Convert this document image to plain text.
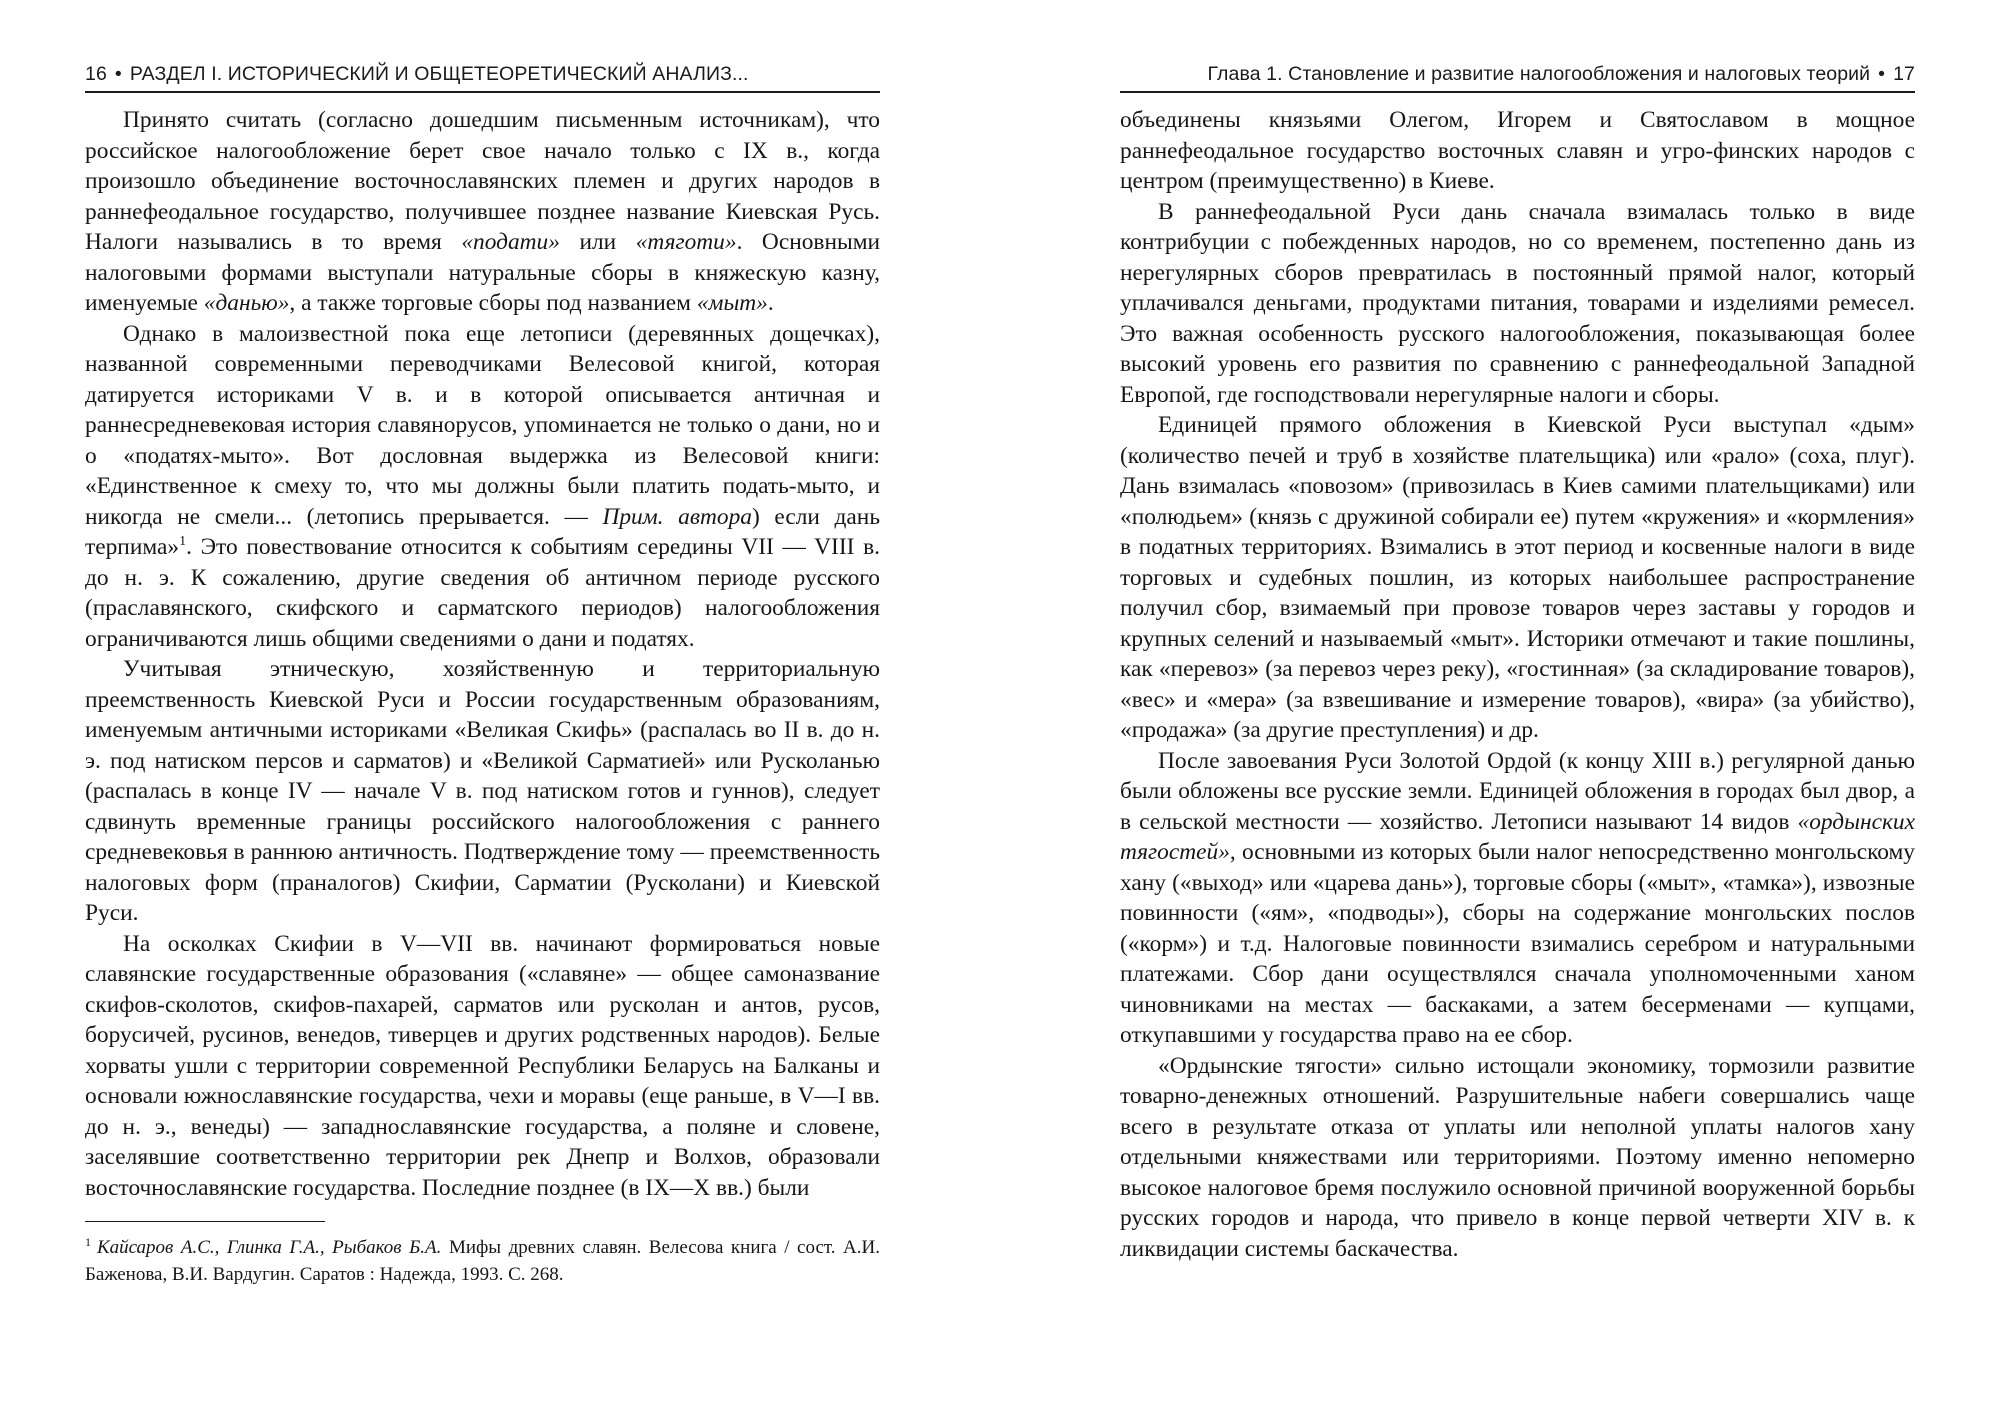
16 • РАЗДЕЛ I. ИСТОРИЧЕСКИЙ И ОБЩЕТЕОРЕТИЧЕСКИЙ АНАЛИЗ...

Принято считать (согласно дошедшим письменным источникам), что российское налогообложение берет свое начало только с IX в., когда произошло объединение восточнославянских племен и других народов в раннефеодальное государство, получившее позднее название Киевская Русь. Налоги назывались в то время «подати» или «тяготи». Основными налоговыми формами выступали натуральные сборы в княжескую казну, именуемые «данью», а также торговые сборы под названием «мыт».

Однако в малоизвестной пока еще летописи (деревянных дощечках), названной современными переводчиками Велесовой книгой, которая датируется историками V в. и в которой описывается античная и раннесредневековая история славянорусов, упоминается не только о дани, но и о «податях-мыто». Вот дословная выдержка из Велесовой книги: «Единственное к смеху то, что мы должны были платить подать-мыто, и никогда не смели... (летопись прерывается. — Прим. автора) если дань терпима»$^1$. Это повествование относится к событиям середины VII — VIII в. до н. э. К сожалению, другие сведения об античном периоде русского (праславянского, скифского и сарматского периодов) налогообложения ограничиваются лишь общими сведениями о дани и податях.

Учитывая этническую, хозяйственную и территориальную преемственность Киевской Руси и России государственным образованиям, именуемым античными историками «Великая Скифь» (распалась во II в. до н. э. под натиском персов и сарматов) и «Великой Сарматией» или Русколанью (распалась в конце IV — начале V в. под натиском готов и гуннов), следует сдвинуть временные границы российского налогообложения с раннего средневековья в раннюю античность. Подтверждение тому — преемственность налоговых форм (праналогов) Скифии, Сарматии (Русколани) и Киевской Руси.

На осколках Скифии в V—VII вв. начинают формироваться новые славянские государственные образования («славяне» — общее самоназвание скифов-сколотов, скифов-пахарей, сарматов или русколан и антов, русов, борусичей, русинов, венедов, тиверцев и других родственных народов). Белые хорваты ушли с территории современной Республики Беларусь на Балканы и основали южнославянские государства, чехи и моравы (еще раньше, в V—I вв. до н. э., венеды) — западнославянские государства, а поляне и словене, заселявшие соответственно территории рек Днепр и Волхов, образовали восточнославянские государства. Последние позднее (в IX—X вв.) были

$^1$ Кайсаров А.С., Глинка Г.А., Рыбаков Б.А. Мифы древних славян. Велесова книга / сост. А.И. Баженова, В.И. Вардугин. Саратов : Надежда, 1993. С. 268.
Глава 1. Становление и развитие налогообложения и налоговых теорий • 17

объединены князьями Олегом, Игорем и Святославом в мощное раннефеодальное государство восточных славян и угро-финских народов с центром (преимущественно) в Киеве.

В раннефеодальной Руси дань сначала взималась только в виде контрибуции с побежденных народов, но со временем, постепенно дань из нерегулярных сборов превратилась в постоянный прямой налог, который уплачивался деньгами, продуктами питания, товарами и изделиями ремесел. Это важная особенность русского налогообложения, показывающая более высокий уровень его развития по сравнению с раннефеодальной Западной Европой, где господствовали нерегулярные налоги и сборы.

Единицей прямого обложения в Киевской Руси выступал «дым» (количество печей и труб в хозяйстве плательщика) или «рало» (соха, плуг). Дань взималась «повозом» (привозилась в Киев самими плательщиками) или «полюдьем» (князь с дружиной собирали ее) путем «кружения» и «кормления» в податных территориях. Взимались в этот период и косвенные налоги в виде торговых и судебных пошлин, из которых наибольшее распространение получил сбор, взимаемый при провозе товаров через заставы у городов и крупных селений и называемый «мыт». Историки отмечают и такие пошлины, как «перевоз» (за перевоз через реку), «гостинная» (за складирование товаров), «вес» и «мера» (за взвешивание и измерение товаров), «вира» (за убийство), «продажа» (за другие преступления) и др.

После завоевания Руси Золотой Ордой (к концу XIII в.) регулярной данью были обложены все русские земли. Единицей обложения в городах был двор, а в сельской местности — хозяйство. Летописи называют 14 видов «ордынских тягостей», основными из которых были налог непосредственно монгольскому хану («выход» или «царева дань»), торговые сборы («мыт», «тамка»), извозные повинности («ям», «подводы»), сборы на содержание монгольских послов («корм») и т.д. Налоговые повинности взимались серебром и натуральными платежами. Сбор дани осуществлялся сначала уполномоченными ханом чиновниками на местах — баскаками, а затем бесерменами — купцами, откупавшими у государства право на ее сбор.

«Ордынские тягости» сильно истощали экономику, тормозили развитие товарно-денежных отношений. Разрушительные набеги совершались чаще всего в результате отказа от уплаты или неполной уплаты налогов хану отдельными княжествами или территориями. Поэтому именно непомерно высокое налоговое бремя послужило основной причиной вооруженной борьбы русских городов и народа, что привело в конце первой четверти XIV в. к ликвидации системы баскачества.
